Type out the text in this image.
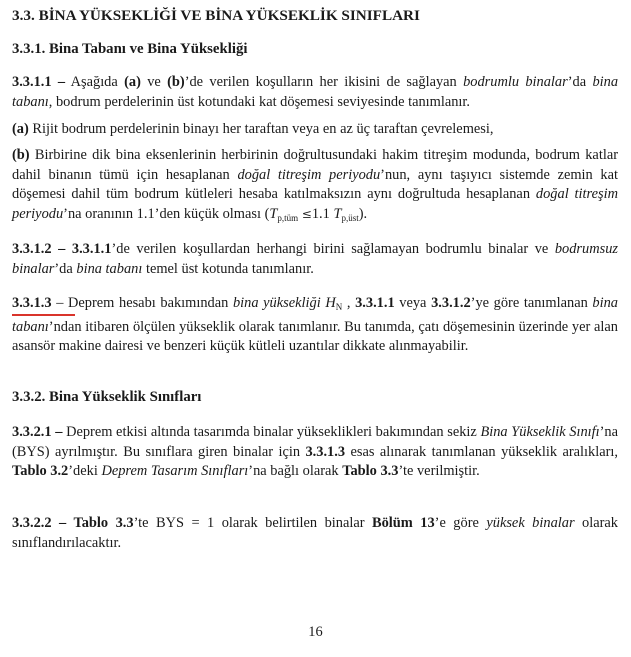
3.3. BİNA YÜKSEKLİĞİ VE BİNA YÜKSEKLİK SINIFLARI
3.3.1. Bina Tabanı ve Bina Yüksekliği
3.3.1.1 – Aşağıda (a) ve (b)’de verilen koşulların her ikisini de sağlayan bodrumlu binalar’da bina tabanı, bodrum perdelerinin üst kotundaki kat döşemesi seviyesinde tanımlanır.
(a) Rijit bodrum perdelerinin binayı her taraftan veya en az üç taraftan çevrelemesi,
(b) Birbirine dik bina eksenlerinin herbirinin doğrultusundaki hakim titreşim modunda, bodrum katlar dahil binanın tümü için hesaplanan doğal titreşim periyodu’nun, aynı taşıyıcı sistemde zemin kat döşemesi dahil tüm bodrum kütleleri hesaba katılmaksızın aynı doğrultuda hesaplanan doğal titreşim periyodu’na oranının 1.1’den küçük olması ($T_{p,tüm} \le 1.1$ $T_{p,üst}$).
3.3.1.2 – 3.3.1.1’de verilen koşullardan herhangi birini sağlamayan bodrumlu binalar ve bodrumsuz binalar’da bina tabanı temel üst kotunda tanımlanır.
3.3.1.3 – Deprem hesabı bakımından bina yüksekliği $H_N$ , 3.3.1.1 veya 3.3.1.2’ye göre tanımlanan bina tabanı’ndan itibaren ölçülen yükseklik olarak tanımlanır. Bu tanımda, çatı döşemesinin üzerinde yer alan asansör makine dairesi ve benzeri küçük kütleli uzantılar dikkate alınmayabilir.
3.3.2. Bina Yükseklik Sınıfları
3.3.2.1 – Deprem etkisi altında tasarımda binalar yükseklikleri bakımından sekiz Bina Yükseklik Sınıfı’na (BYS) ayrılmıştır. Bu sınıflara giren binalar için 3.3.1.3 esas alınarak tanımlanan yükseklik aralıkları, Tablo 3.2’deki Deprem Tasarım Sınıfları’na bağlı olarak Tablo 3.3’te verilmiştir.
3.3.2.2 – Tablo 3.3’te BYS = 1 olarak belirtilen binalar Bölüm 13’e göre yüksek binalar olarak sınıflandırılacaktır.
16
